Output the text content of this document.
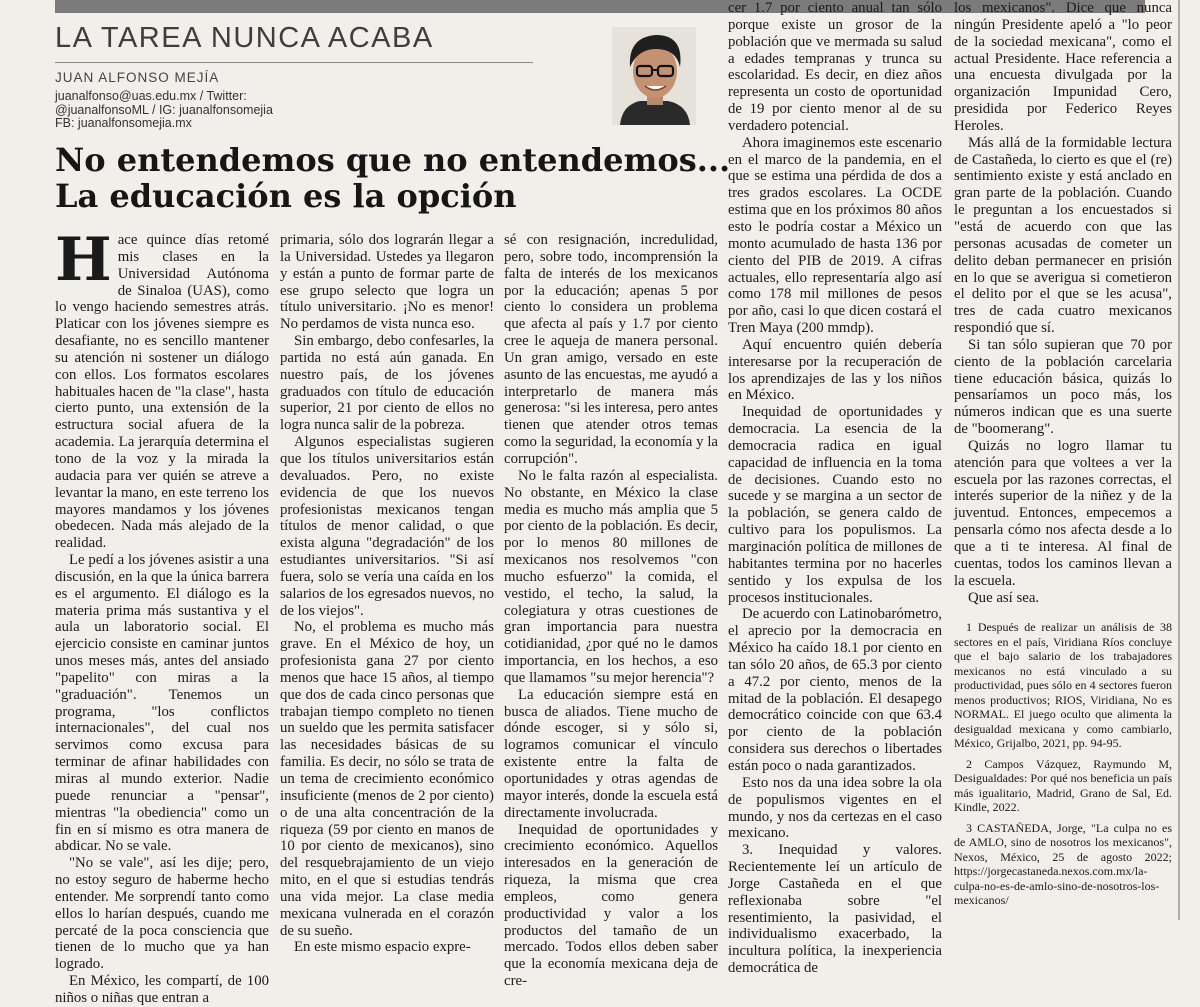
LA TAREA NUNCA ACABA
JUAN ALFONSO MEJÍA
juanalfonso@uas.edu.mx / Twitter:
@juanalfonsoML / IG: juanalfonsomejia
FB: juanalfonsomejia.mx
No entendemos que no entendemos...
La educación es la opción

Hace quince días retomé mis clases en la Universidad Autónoma de Sinaloa (UAS), como lo vengo haciendo semestres atrás. Platicar con los jóvenes siempre es desafiante, no es sencillo mantener su atención ni sostener un diálogo con ellos. Los formatos escolares habituales hacen de "la clase", hasta cierto punto, una extensión de la estructura social afuera de la academia. La jerarquía determina el tono de la voz y la mirada la audacia para ver quién se atreve a levantar la mano, en este terreno los mayores mandamos y los jóvenes obedecen. Nada más alejado de la realidad.

Le pedí a los jóvenes asistir a una discusión, en la que la única barrera es el argumento. El diálogo es la materia prima más sustantiva y el aula un laboratorio social. El ejercicio consiste en caminar juntos unos meses más, antes del ansiado "papelito" con miras a la "graduación". Tenemos un programa, "los conflictos internacionales", del cual nos servimos como excusa para terminar de afinar habilidades con miras al mundo exterior. Nadie puede renunciar a "pensar", mientras "la obediencia" como un fin en sí mismo es otra manera de abdicar. No se vale.

"No se vale", así les dije; pero, no estoy seguro de haberme hecho entender. Me sorprendí tanto como ellos lo harían después, cuando me percaté de la poca consciencia que tienen de lo mucho que ya han logrado.

En México, les compartí, de 100 niños o niñas que entran a

primaria, sólo dos lograrán llegar a la Universidad. Ustedes ya llegaron y están a punto de formar parte de ese grupo selecto que logra un título universitario. ¡No es menor! No perdamos de vista nunca eso.

Sin embargo, debo confesarles, la partida no está aún ganada. En nuestro país, de los jóvenes graduados con título de educación superior, 21 por ciento de ellos no logra nunca salir de la pobreza.

Algunos especialistas sugieren que los títulos universitarios están devaluados. Pero, no existe evidencia de que los nuevos profesionistas mexicanos tengan títulos de menor calidad, o que exista alguna "degradación" de los estudiantes universitarios. "Si así fuera, solo se vería una caída en los salarios de los egresados nuevos, no de los viejos".

No, el problema es mucho más grave. En el México de hoy, un profesionista gana 27 por ciento menos que hace 15 años, al tiempo que dos de cada cinco personas que trabajan tiempo completo no tienen un sueldo que les permita satisfacer las necesidades básicas de su familia. Es decir, no sólo se trata de un tema de crecimiento económico insuficiente (menos de 2 por ciento) o de una alta concentración de la riqueza (59 por ciento en manos de 10 por ciento de mexicanos), sino del resquebrajamiento de un viejo mito, en el que si estudias tendrás una vida mejor. La clase media mexicana vulnerada en el corazón de su sueño.

En este mismo espacio expre-

sé con resignación, incredulidad, pero, sobre todo, incomprensión la falta de interés de los mexicanos por la educación; apenas 5 por ciento lo considera un problema que afecta al país y 1.7 por ciento cree le aqueja de manera personal. Un gran amigo, versado en este asunto de las encuestas, me ayudó a interpretarlo de manera más generosa: "si les interesa, pero antes tienen que atender otros temas como la seguridad, la economía y la corrupción".

No le falta razón al especialista. No obstante, en México la clase media es mucho más amplia que 5 por ciento de la población. Es decir, por lo menos 80 millones de mexicanos nos resolvemos "con mucho esfuerzo" la comida, el vestido, el techo, la salud, la colegiatura y otras cuestiones de gran importancia para nuestra cotidianidad, ¿por qué no le damos importancia, en los hechos, a eso que llamamos "su mejor herencia"?

La educación siempre está en busca de aliados. Tiene mucho de dónde escoger, si y sólo si, logramos comunicar el vínculo existente entre la falta de oportunidades y otras agendas de mayor interés, donde la escuela está directamente involucrada.

Inequidad de oportunidades y crecimiento económico. Aquellos interesados en la generación de riqueza, la misma que crea empleos, como genera productividad y valor a los productos del tamaño de un mercado. Todos ellos deben saber que la economía mexicana deja de cre-

cer 1.7 por ciento anual tan sólo porque existe un grosor de la población que ve mermada su salud a edades tempranas y trunca su escolaridad. Es decir, en diez años representa un costo de oportunidad de 19 por ciento menor al de su verdadero potencial.

Ahora imaginemos este escenario en el marco de la pandemia, en el que se estima una pérdida de dos a tres grados escolares. La OCDE estima que en los próximos 80 años esto le podría costar a México un monto acumulado de hasta 136 por ciento del PIB de 2019. A cifras actuales, ello representaría algo así como 178 mil millones de pesos por año, casi lo que dicen costará el Tren Maya (200 mmdp).

Aquí encuentro quién debería interesarse por la recuperación de los aprendizajes de las y los niños en México.

Inequidad de oportunidades y democracia. La esencia de la democracia radica en igual capacidad de influencia en la toma de decisiones. Cuando esto no sucede y se margina a un sector de la población, se genera caldo de cultivo para los populismos. La marginación política de millones de habitantes termina por no hacerles sentido y los expulsa de los procesos institucionales.

De acuerdo con Latinobarómetro, el aprecio por la democracia en México ha caído 18.1 por ciento en tan sólo 20 años, de 65.3 por ciento a 47.2 por ciento, menos de la mitad de la población. El desapego democrático coincide con que 63.4 por ciento de la población considera sus derechos o libertades están poco o nada garantizados.

Esto nos da una idea sobre la ola de populismos vigentes en el mundo, y nos da certezas en el caso mexicano.

3. Inequidad y valores. Recientemente leí un artículo de Jorge Castañeda en el que reflexionaba sobre "el resentimiento, la pasividad, el individualismo exacerbado, la incultura política, la inexperiencia democrática de

los mexicanos". Dice que nunca ningún Presidente apeló a "lo peor de la sociedad mexicana", como el actual Presidente. Hace referencia a una encuesta divulgada por la organización Impunidad Cero, presidida por Federico Reyes Heroles.

Más allá de la formidable lectura de Castañeda, lo cierto es que el (re) sentimiento existe y está anclado en gran parte de la población. Cuando le preguntan a los encuestados si "está de acuerdo con que las personas acusadas de cometer un delito deban permanecer en prisión en lo que se averigua si cometieron el delito por el que se les acusa", tres de cada cuatro mexicanos respondió que sí.

Si tan sólo supieran que 70 por ciento de la población carcelaria tiene educación básica, quizás lo pensaríamos un poco más, los números indican que es una suerte de "boomerang".

Quizás no logro llamar tu atención para que voltees a ver la escuela por las razones correctas, el interés superior de la niñez y de la juventud. Entonces, empecemos a pensarla cómo nos afecta desde a lo que a ti te interesa. Al final de cuentas, todos los caminos llevan a la escuela.

Que así sea.

1 Después de realizar un análisis de 38 sectores en el país, Viridiana Ríos concluye que el bajo salario de los trabajadores mexicanos no está vinculado a su productividad, pues sólo en 4 sectores fueron menos productivos; RIOS, Viridiana, No es NORMAL. El juego oculto que alimenta la desigualdad mexicana y como cambiarlo, México, Grijalbo, 2021, pp. 94-95.

2 Campos Vázquez, Raymundo M, Desigualdades: Por qué nos beneficia un país más igualitario, Madrid, Grano de Sal, Ed. Kindle, 2022.

3 CASTAÑEDA, Jorge, "La culpa no es de AMLO, sino de nosotros los mexicanos", Nexos, México, 25 de agosto 2022; https://jorgecastaneda.nexos.com.mx/la-culpa-no-es-de-amlo-sino-de-nosotros-los-mexicanos/
